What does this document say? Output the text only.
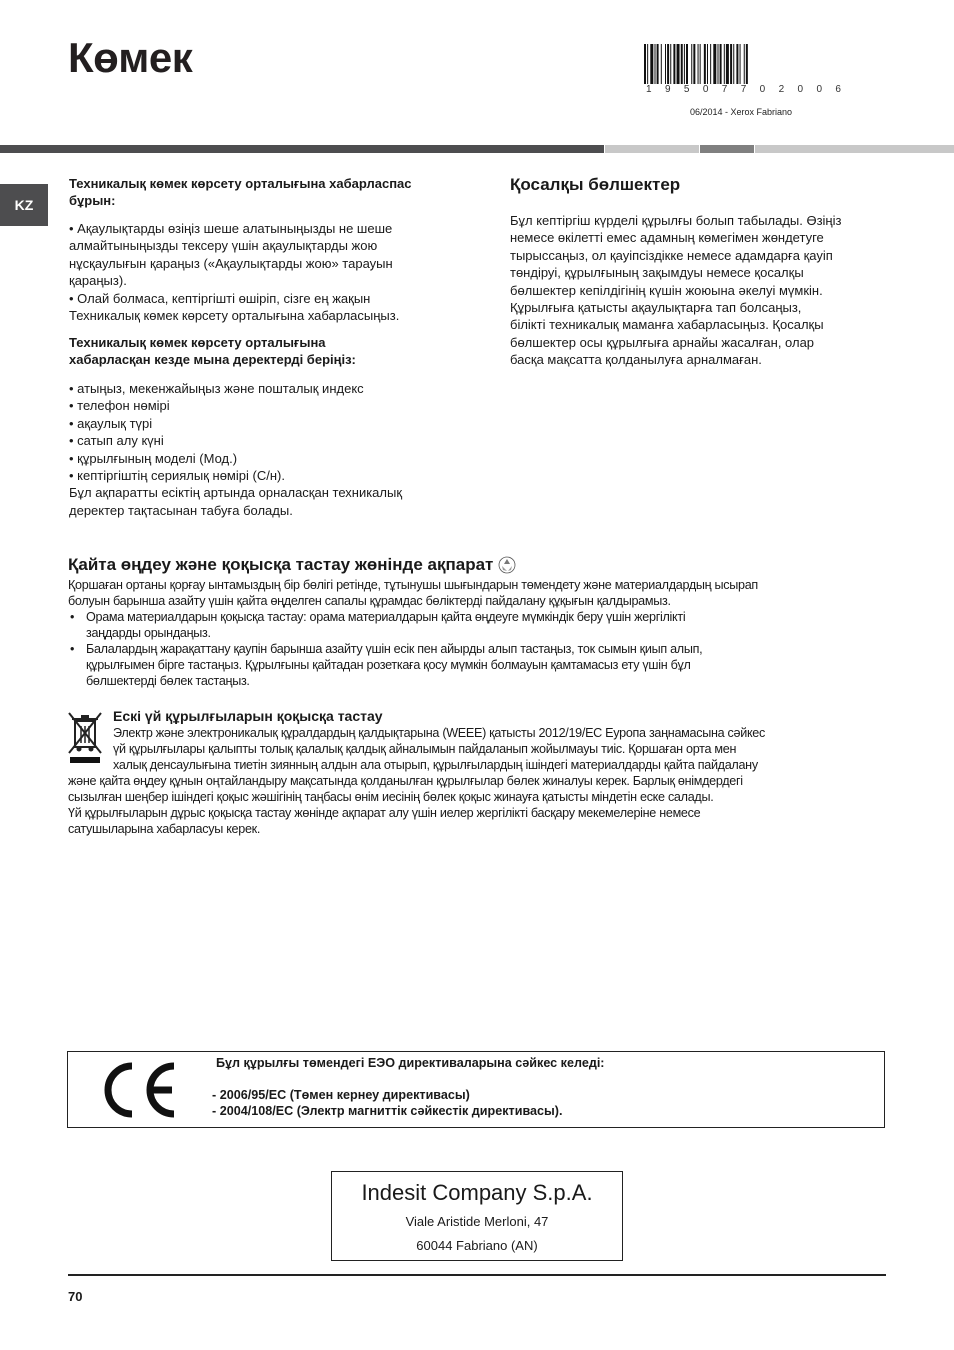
Көмек
1 9 5 0 7 7 0 2 0 0 6
06/2014 - Xerox Fabriano
KZ
Техникалық көмек көрсету орталығына хабарласпас
бұрын:
• Ақаулықтарды өзіңіз шеше алатыныңызды не шеше
алмайтыныңызды тексеру үшін ақаулықтарды жою
нұсқаулығын қараңыз («Ақаулықтарды жою» тарауын
қараңыз).
• Олай болмаса, кептіргішті өшіріп, сізге ең жақын
Техникалық көмек көрсету орталығына хабарласыңыз.
Техникалық көмек көрсету орталығына
хабарласқан кезде мына деректерді беріңіз:
• атыңыз, мекенжайыңыз және пошталық индекс
• телефон нөмірі
• ақаулық түрі
• сатып алу күні
• құрылғының моделі (Мод.)
• кептіргіштің сериялық нөмірі (С/н).
Бұл ақпаратты есіктің артында орналасқан техникалық
деректер тақтасынан табуға болады.
Қосалқы бөлшектер
Бұл кептіргіш күрделі құрылғы болып табылады. Өзіңіз
немесе өкілетті емес адамның көмегімен жөндетуге
тырыссаңыз, ол қауіпсіздікке немесе адамдарға қауіп
төндіруі, құрылғының зақымдуы немесе қосалқы
бөлшектер кепілдігінің күшін жоюына әкелуі мүмкін.
Құрылғыға қатысты ақаулықтарға тап болсаңыз,
білікті техникалық маманға хабарласыңыз. Қосалқы
бөлшектер осы құрылғыға арнайы жасалған, олар
басқа мақсатта қолданылуға арналмаған.
Қайта өңдеу және қоқысқа тастау жөнінде ақпарат
Қоршаған ортаны қорғау ынтамыздың бір бөлігі ретінде, тұтынушы шығындарын төмендету және материалдардың ысырап
болуын барынша азайту үшін қайта өңделген сапалы құрамдас бөліктерді пайдалану құқығын қалдырамыз.
• Орама материалдарын қоқысқа тастау: орама материалдарын қайта өңдеуге мүмкіндік беру үшін жергілікті
заңдарды орындаңыз.
• Балалардың жарақаттану қаупін барынша азайту үшін есік пен айырды алып тастаңыз, ток сымын қиып алып,
құрылғымен бірге тастаңыз. Құрылғыны қайтадан розеткаға қосу мүмкін болмауын қамтамасыз ету үшін бұл
бөлшектерді бөлек тастаңыз.
Ескі үй құрылғыларын қоқысқа тастау
Электр және электроникалық құралдардың қалдықтарына (WEEE) қатысты 2012/19/EC Еуропа заңнамасына сәйкес
үй құрылғылары қалыпты толық қалалық қалдық айналымын пайдаланып жойылмауы тиіс. Қоршаған орта мен
халық денсаулығына тиетін зиянның алдын ала отырып, құрылғылардың ішіндегі материалдарды қайта пайдалану
және қайта өңдеу құнын оңтайландыру мақсатында қолданылған құрылғылар бөлек жиналуы керек. Барлық өнімдердегі
сызылған шеңбер ішіндегі қоқыс жәшігінің таңбасы өнім иесінің бөлек қоқыс жинауға қатысты міндетін еске салады.
Үй құрылғыларын дұрыс қоқысқа тастау жөнінде ақпарат алу үшін иелер жергілікті басқару мекемелеріне немесе
сатушыларына хабарласуы керек.
Бұл құрылғы төмендегі ЕЭО директиваларына сәйкес келеді:
- 2006/95/EC (Төмен кернеу директивасы)
- 2004/108/EC (Электр магниттік сәйкестік директивасы).
Indesit Company S.p.A.
Viale Aristide Merloni, 47
60044 Fabriano (AN)
70
